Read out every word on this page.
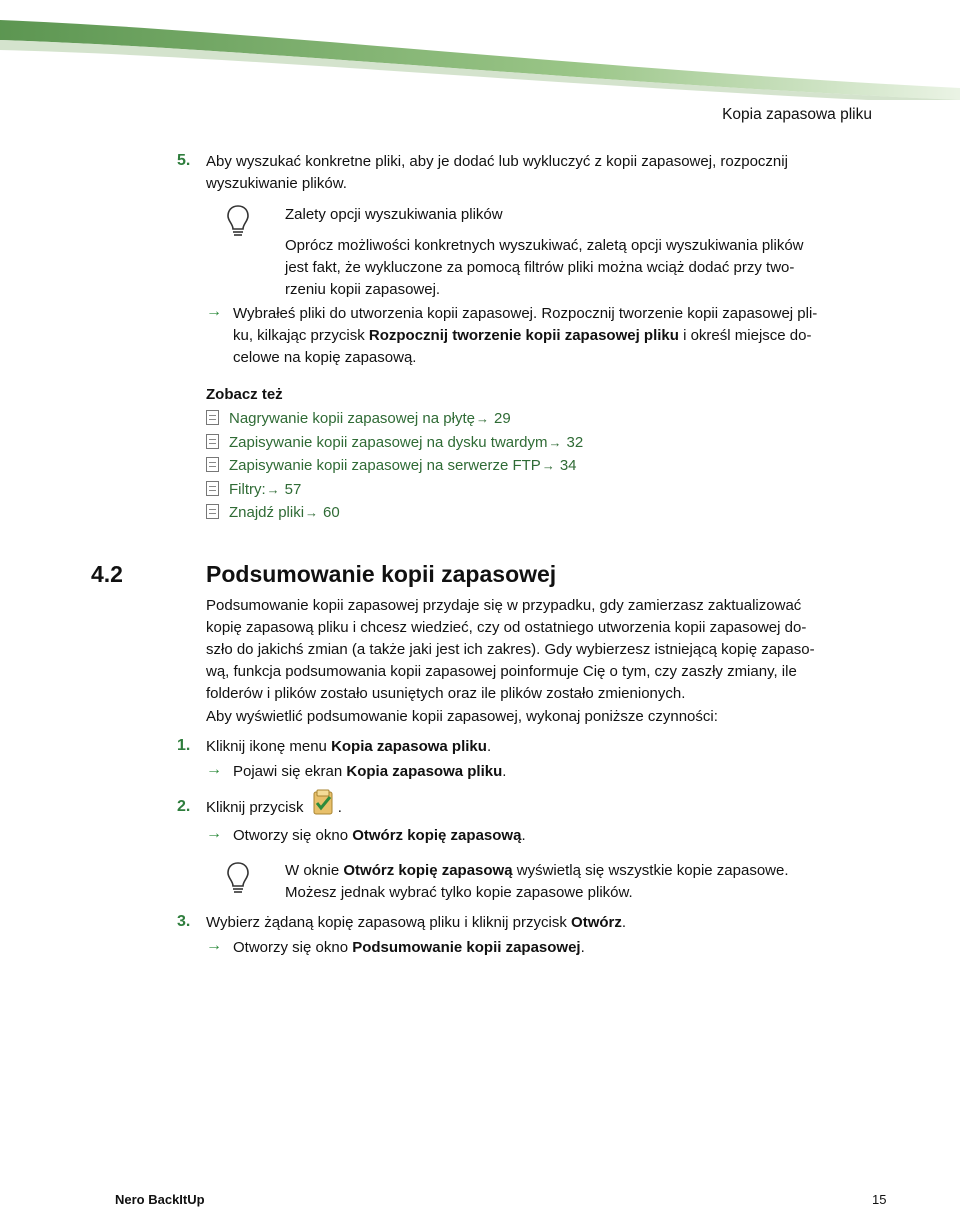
Kopia zapasowa pliku
5. Aby wyszukać konkretne pliki, aby je dodać lub wykluczyć z kopii zapasowej, rozpocznij
wyszukiwanie plików.
Zalety opcji wyszukiwania plików
Oprócz możliwości konkretnych wyszukiwać, zaletą opcji wyszukiwania plików
jest fakt, że wykluczone za pomocą filtrów pliki można wciąż dodać przy two-
rzeniu kopii zapasowej.
→ Wybrałeś pliki do utworzenia kopii zapasowej. Rozpocznij tworzenie kopii zapasowej pli-
ku, kilkając przycisk Rozpocznij tworzenie kopii zapasowej pliku i określ miejsce do-
celowe na kopię zapasową.
Zobacz też
Nagrywanie kopii zapasowej na płytę→ 29
Zapisywanie kopii zapasowej na dysku twardym→ 32
Zapisywanie kopii zapasowej na serwerze FTP→ 34
Filtry:→ 57
Znajdź pliki→ 60
4.2	Podsumowanie kopii zapasowej
Podsumowanie kopii zapasowej przydaje się w przypadku, gdy zamierzasz zaktualizować
kopię zapasową pliku i chcesz wiedzieć, czy od ostatniego utworzenia kopii zapasowej do-
szło do jakichś zmian (a także jaki jest ich zakres). Gdy wybierzesz istniejącą kopię zapaso-
wą, funkcja podsumowania kopii zapasowej poinformuje Cię o tym, czy zaszły zmiany, ile
folderów i plików zostało usuniętych oraz ile plików zostało zmienionych.
Aby wyświetlić podsumowanie kopii zapasowej, wykonaj poniższe czynności:
1. Kliknij ikonę menu Kopia zapasowa pliku.
→ Pojawi się ekran Kopia zapasowa pliku.
2. Kliknij przycisk .
→ Otworzy się okno Otwórz kopię zapasową.
W oknie Otwórz kopię zapasową wyświetlą się wszystkie kopie zapasowe.
Możesz jednak wybrać tylko kopie zapasowe plików.
3. Wybierz żądaną kopię zapasową pliku i kliknij przycisk Otwórz.
→ Otworzy się okno Podsumowanie kopii zapasowej.
Nero BackItUp	15
